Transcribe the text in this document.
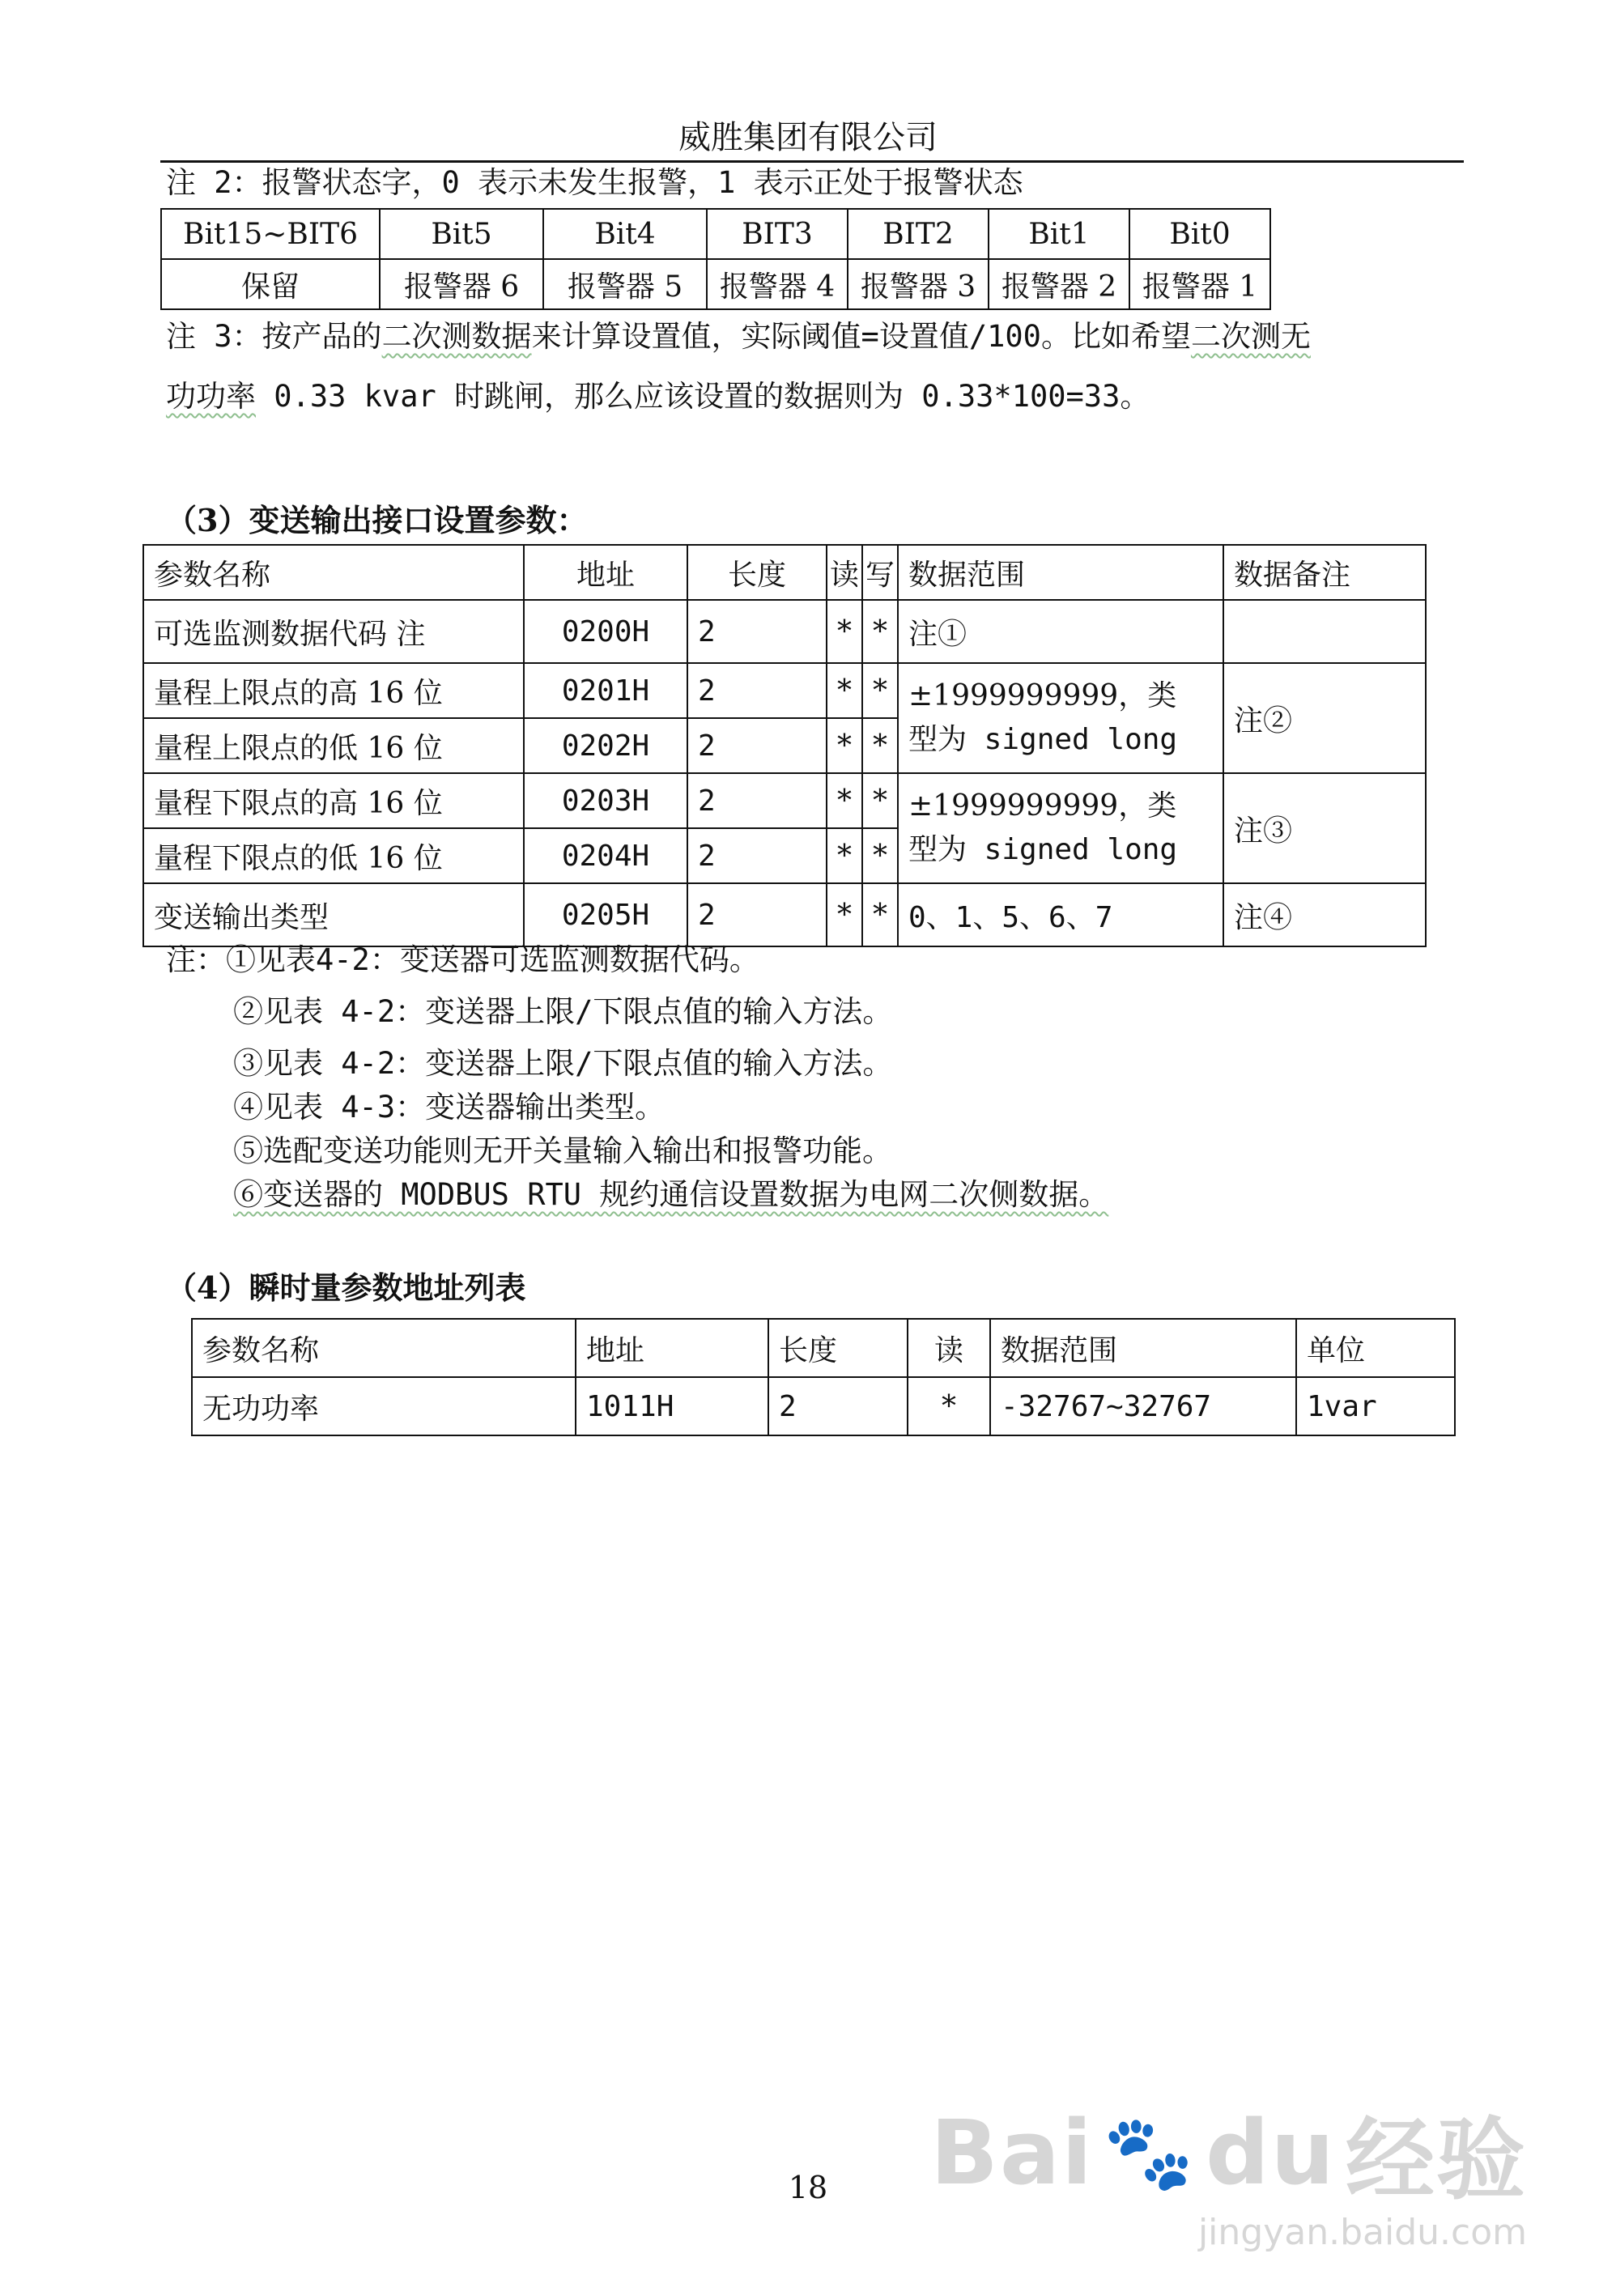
威胜集团有限公司
注 2：报警状态字，0 表示未发生报警，1 表示正处于报警状态
Bit15~BIT6	Bit5	Bit4	BIT3	BIT2	Bit1	Bit0
保留	报警器 6	报警器 5	报警器 4	报警器 3	报警器 2	报警器 1
注 3：按产品的二次测数据来计算设置值，实际阈值=设置值/100。比如希望二次测无
功功率 0.33 kvar 时跳闸，那么应该设置的数据则为 0.33*100=33。
（3）变送输出接口设置参数：
参数名称	地址	长度	读	写	数据范围	数据备注
可选监测数据代码 注	0200H	2	*	*	注①	
量程上限点的高 16 位	0201H	2	*	*	±1999999999，类
型为 signed long	注②
量程上限点的低 16 位	0202H	2	*	*		
量程下限点的高 16 位	0203H	2	*	*	±1999999999，类
型为 signed long	注③
量程下限点的低 16 位	0204H	2	*	*		
变送输出类型	0205H	2	*	*	0、1、5、6、7	注④
注：①见表4-2：变送器可选监测数据代码。
②见表 4-2：变送器上限/下限点值的输入方法。
③见表 4-2：变送器上限/下限点值的输入方法。
④见表 4-3：变送器输出类型。
⑤选配变送功能则无开关量输入输出和报警功能。
⑥变送器的 MODBUS RTU 规约通信设置数据为电网二次侧数据。
（4）瞬时量参数地址列表
参数名称	地址	长度	读	数据范围	单位
无功功率	1011H	2	*	-32767~32767	1var
18	Bai 🐾 du 经验
jingyan.baidu.com
